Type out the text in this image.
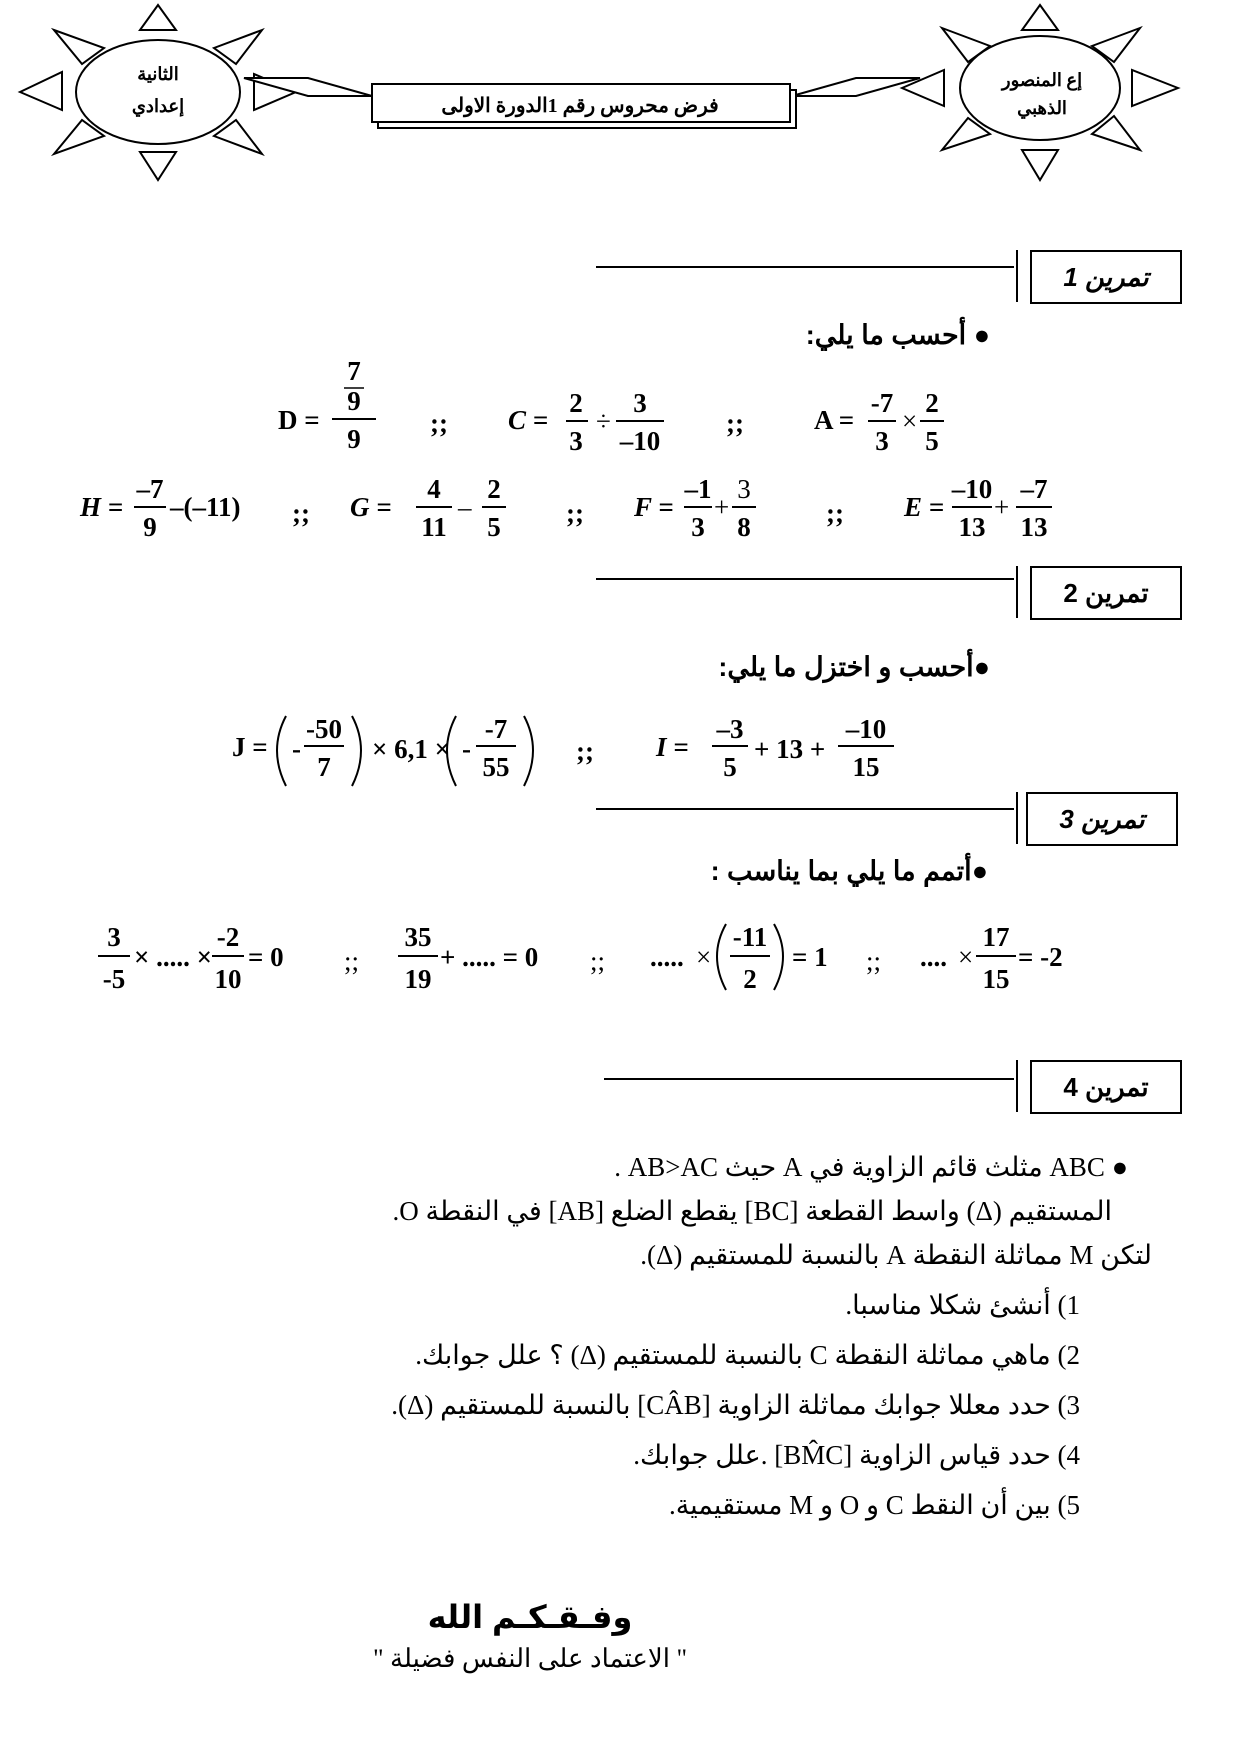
الثانية
إعدادي
إع المنصور
الذهبي
فرض محروس رقم 1الدورة الاولى
تمرين 1
● أحسب ما يلي:
D =
7
9
9
;; C =
2
3
÷
3
–10
;;	A =
-7
3
×
2
5
H =
–7
9
–(–11) ;; G =
4
11
–
2
5 ;; F =
–1
3
+
3
8	;; E =
–10
13
+
–7
13
تمرين 2
●أحسب و اختزل ما يلي:
J = -
-50
7
× 6,1 × -
-7
55
;; I =
–3
5
+ 13 +
–10
15
تمرين 3
●أتمم ما يلي بما يناسب :
3
-5
× ..... ×
-2
10
= 0 ;;
35
19
+ ..... = 0 ;; ..... ×
-11
2
= 1 ;; .... ×
17
15
= -2
تمرين 4
● ABC مثلث قائم الزاوية في A حيث AB>AC .
المستقيم (Δ) واسط القطعة [BC] يقطع الضلع [AB] في النقطة O.
لتكن M مماثلة النقطة A بالنسبة للمستقيم (Δ).
1) أنشئ شكلا مناسبا.
2) ماهي مماثلة النقطة C بالنسبة للمستقيم (Δ) ؟ علل جوابك.
3) حدد معللا جوابك مماثلة الزاوية [CÂB] بالنسبة للمستقيم (Δ).
4) حدد قياس الزاوية [BM̂C] .علل جوابك.
5) بين أن النقط C و O و M مستقيمية.
وفـقـكـم الله
" الاعتماد على النفس فضيلة "
